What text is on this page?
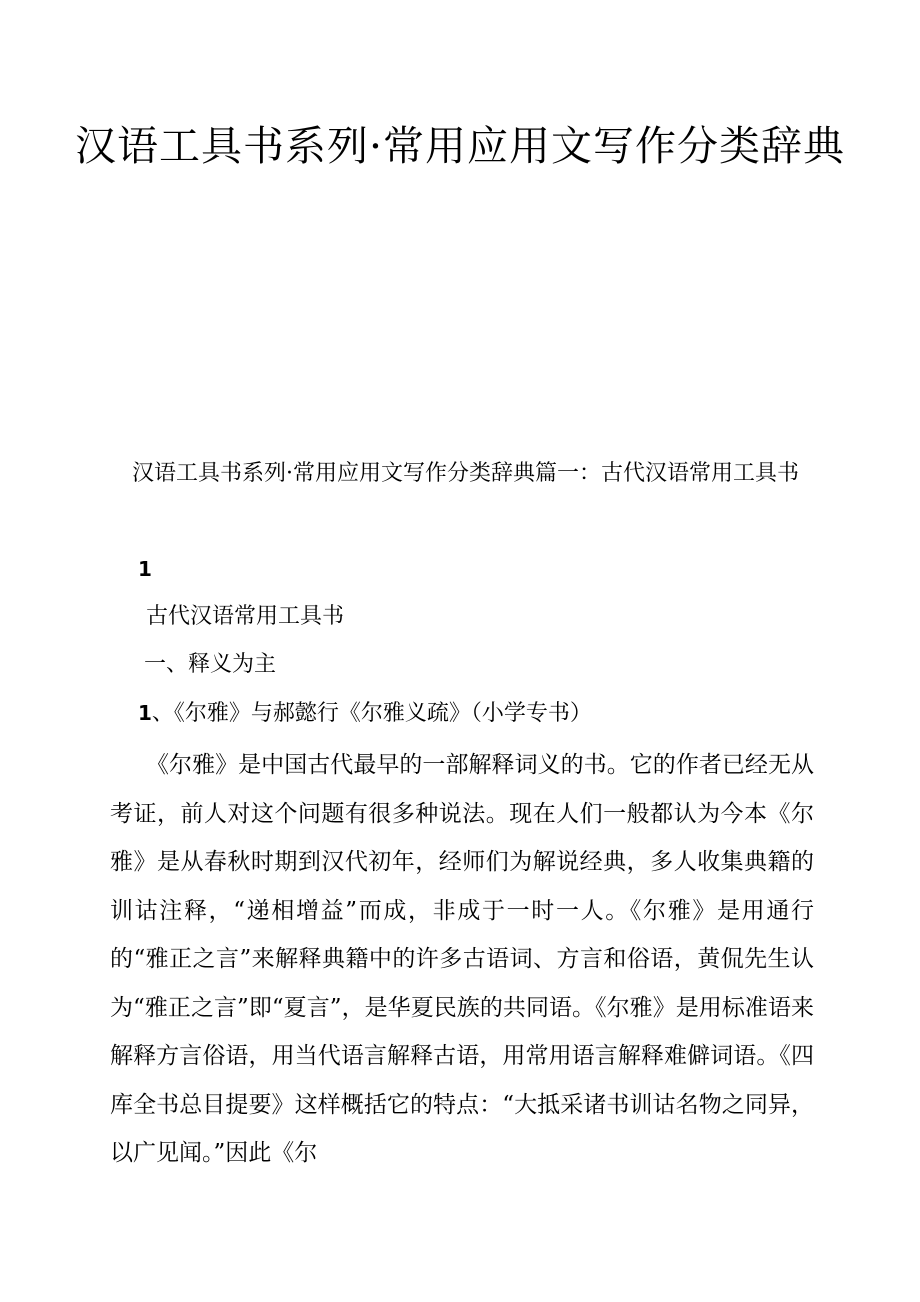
汉语工具书系列·常用应用文写作分类辞典

汉语工具书系列·常用应用文写作分类辞典篇一：古代汉语常用工具书

1

古代汉语常用工具书

一、释义为主

1、《尔雅》与郝懿行《尔雅义疏》（小学专书）

《尔雅》是中国古代最早的一部解释词义的书。它的作者已经无从考证，前人对这个问题有很多种说法。现在人们一般都认为今本《尔雅》是从春秋时期到汉代初年，经师们为解说经典，多人收集典籍的训诂注释，“递相增益”而成，非成于一时一人。《尔雅》是用通行的“雅正之言”来解释典籍中的许多古语词、方言和俗语，黄侃先生认为“雅正之言”即“夏言”，是华夏民族的共同语。《尔雅》是用标准语来解释方言俗语，用当代语言解释古语，用常用语言解释难僻词语。《四库全书总目提要》这样概括它的特点：“大抵采诸书训诂名物之同异，以广见闻。”因此《尔
